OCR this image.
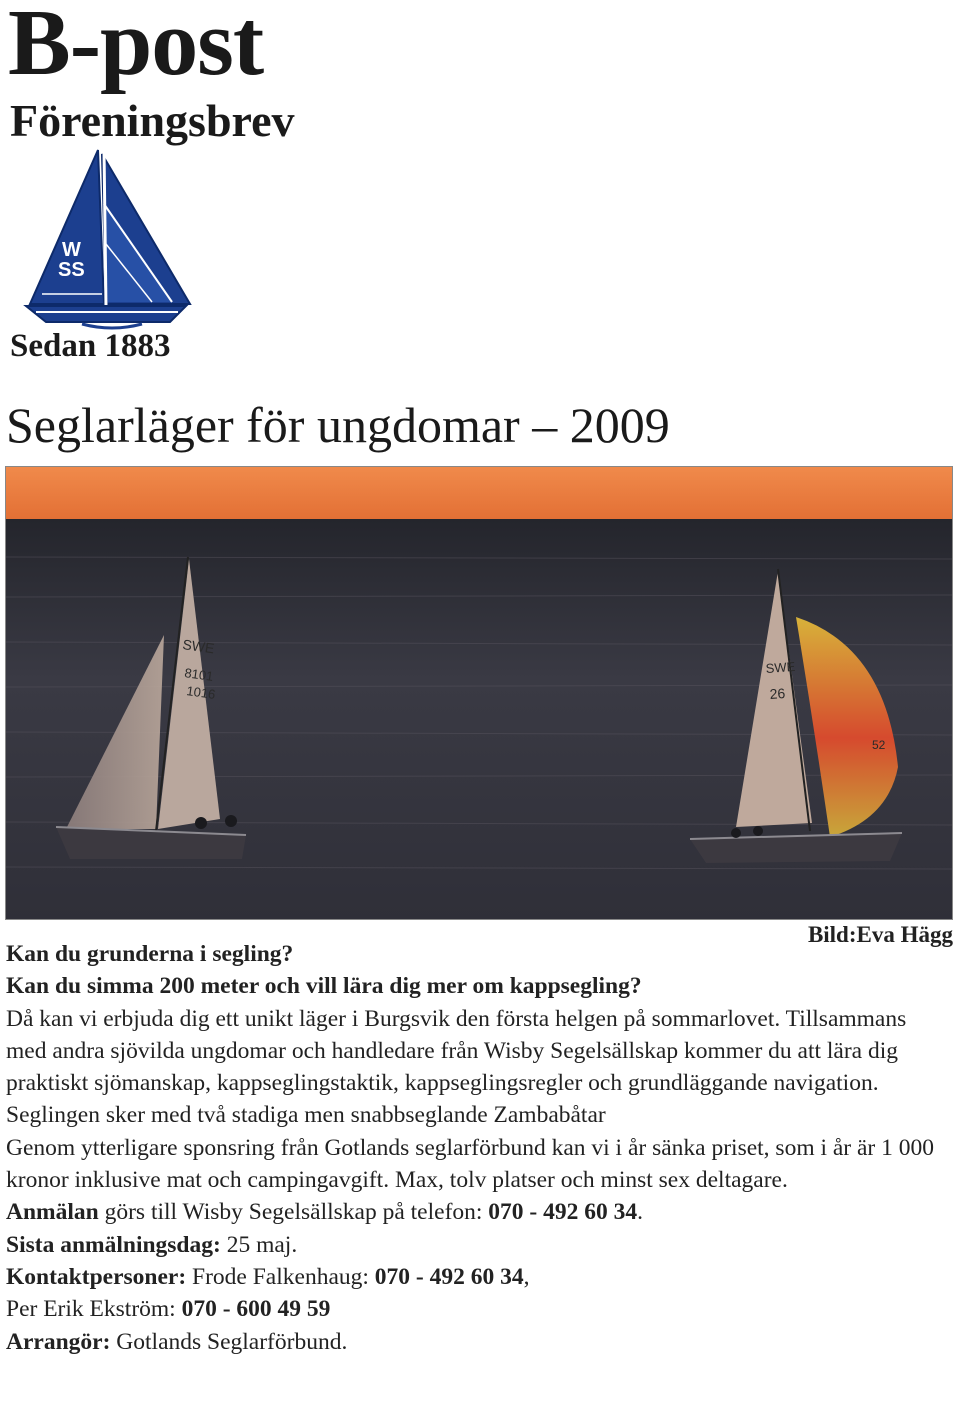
B-post
Föreningsbrev
W
SS
Sedan 1883
Seglarläger för ungdomar – 2009
SWE
8101
1016
SWE
26
52
Bild:Eva Hägg

Kan du grunderna i segling?

Kan du simma 200 meter och vill lära dig mer om kappsegling?

Då kan vi erbjuda dig ett unikt läger i Burgsvik den första helgen på sommarlovet. Tillsammans med andra sjövilda ungdomar och handledare från Wisby Segelsällskap kommer du att lära dig praktiskt sjömanskap, kappseglingstaktik, kappseglingsregler och grundläggande navigation. Seglingen sker med två stadiga men snabbseglande Zambabåtar

Genom ytterligare sponsring från Gotlands seglarförbund kan vi i år sänka priset, som i år är 1 000 kronor inklusive mat och campingavgift. Max, tolv platser och minst sex deltagare.

Anmälan görs till Wisby Segelsällskap på telefon: 070 - 492 60 34.

Sista anmälningsdag: 25 maj.

Kontaktpersoner: Frode Falkenhaug: 070 - 492 60 34,

Per Erik Ekström: 070 - 600 49 59

Arrangör: Gotlands Seglarförbund.
